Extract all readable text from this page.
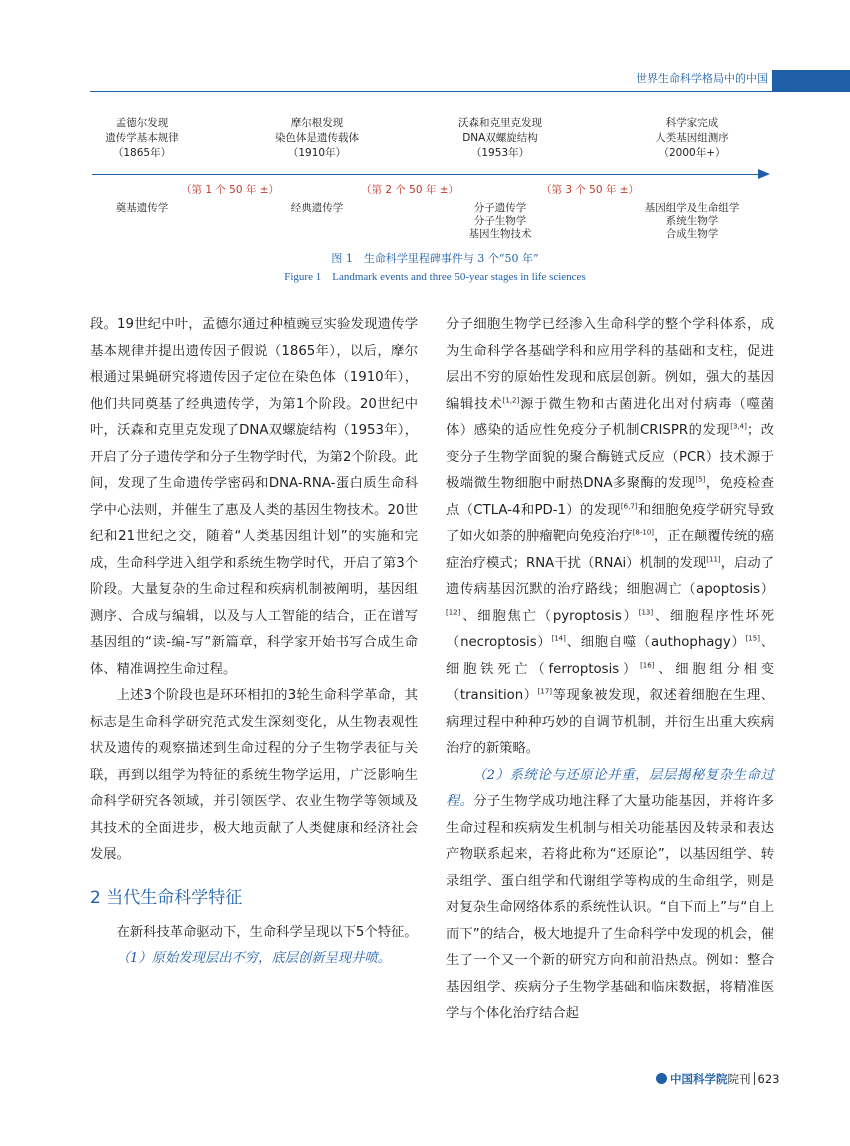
世界生命科学格局中的中国
孟德尔发现
遗传学基本规律
（1865年）
摩尔根发现
染色体是遗传载体
（1910年）
沃森和克里克发现
DNA双螺旋结构
（1953年）
科学家完成
人类基因组测序
（2000年+）
（第 1 个 50 年 ±）	（第 2 个 50 年 ±）	（第 3 个 50 年 ±）
奠基遗传学	经典遗传学	分子遗传学
分子生物学
基因生物技术
基因组学及生命组学
系统生物学
合成生物学
图 1　生命科学里程碑事件与 3 个“50 年”
Figure 1　Landmark events and three 50-year stages in life sciences

段。19世纪中叶，孟德尔通过种植豌豆实验发现遗传学基本规律并提出遗传因子假说（1865年），以后，摩尔根通过果蝇研究将遗传因子定位在染色体（1910年），他们共同奠基了经典遗传学，为第1个阶段。20世纪中叶，沃森和克里克发现了DNA双螺旋结构（1953年），开启了分子遗传学和分子生物学时代，为第2个阶段。此间，发现了生命遗传学密码和DNA-RNA-蛋白质生命科学中心法则，并催生了惠及人类的基因生物技术。20世纪和21世纪之交，随着“人类基因组计划”的实施和完成，生命科学进入组学和系统生物学时代，开启了第3个阶段。大量复杂的生命过程和疾病机制被阐明，基因组测序、合成与编辑，以及与人工智能的结合，正在谱写基因组的“读-编-写”新篇章，科学家开始书写合成生命体、精准调控生命过程。

上述3个阶段也是环环相扣的3轮生命科学革命，其标志是生命科学研究范式发生深刻变化，从生物表观性状及遗传的观察描述到生命过程的分子生物学表征与关联，再到以组学为特征的系统生物学运用，广泛影响生命科学研究各领域，并引领医学、农业生物学等领域及其技术的全面进步，极大地贡献了人类健康和经济社会发展。

2 当代生命科学特征

在新科技革命驱动下，生命科学呈现以下5个特征。

（1）原始发现层出不穷，底层创新呈现井喷。

分子细胞生物学已经渗入生命科学的整个学科体系，成为生命科学各基础学科和应用学科的基础和支柱，促进层出不穷的原始性发现和底层创新。例如，强大的基因编辑技术[1,2]源于微生物和古菌进化出对付病毒（噬菌体）感染的适应性免疫分子机制CRISPR的发现[3,4]；改变分子生物学面貌的聚合酶链式反应（PCR）技术源于极端微生物细胞中耐热DNA多聚酶的发现[5]，免疫检查点（CTLA-4和PD-1）的发现[6,7]和细胞免疫学研究导致了如火如荼的肿瘤靶向免疫治疗[8-10]，正在颠覆传统的癌症治疗模式；RNA干扰（RNAi）机制的发现[11]，启动了遗传病基因沉默的治疗路线；细胞凋亡（apoptosis）[12]、细胞焦亡（pyroptosis）[13]、细胞程序性坏死（necroptosis）[14]、细胞自噬（authophagy）[15]、细胞铁死亡（ferroptosis）[16]、细胞组分相变（transition）[17]等现象被发现，叙述着细胞在生理、病理过程中种种巧妙的自调节机制，并衍生出重大疾病治疗的新策略。

（2）系统论与还原论并重，层层揭秘复杂生命过程。分子生物学成功地注释了大量功能基因，并将许多生命过程和疾病发生机制与相关功能基因及转录和表达产物联系起来，若将此称为“还原论”，以基因组学、转录组学、蛋白组学和代谢组学等构成的生命组学，则是对复杂生命网络体系的系统性认识。“自下而上”与“自上而下”的结合，极大地提升了生命科学中发现的机会，催生了一个又一个新的研究方向和前沿热点。例如：整合基因组学、疾病分子生物学基础和临床数据，将精准医学与个体化治疗结合起

中国科学院院刊 623
